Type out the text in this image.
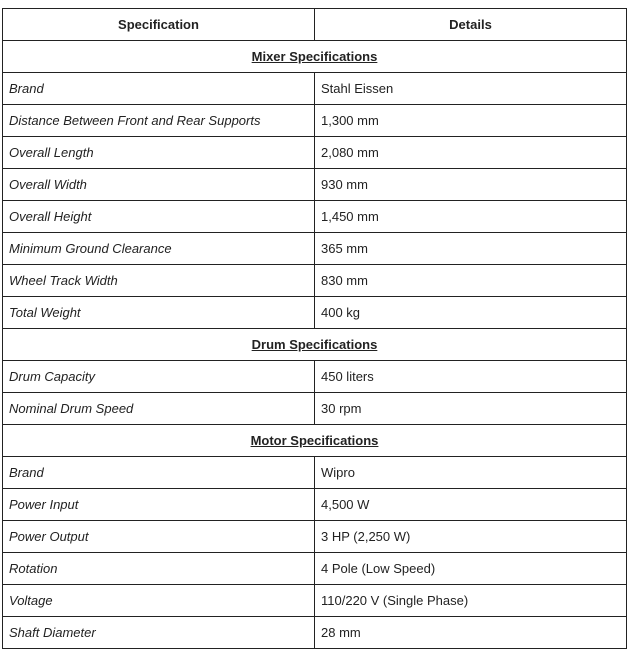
Specification	Details
Mixer Specifications	
Brand	Stahl Eissen
Distance Between Front and Rear Supports	1,300 mm
Overall Length	2,080 mm
Overall Width	930 mm
Overall Height	1,450 mm
Minimum Ground Clearance	365 mm
Wheel Track Width	830 mm
Total Weight	400 kg
Drum Specifications	
Drum Capacity	450 liters
Nominal Drum Speed	30 rpm
Motor Specifications	
Brand	Wipro
Power Input	4,500 W
Power Output	3 HP (2,250 W)
Rotation	4 Pole (Low Speed)
Voltage	110/220 V (Single Phase)
Shaft Diameter	28 mm
